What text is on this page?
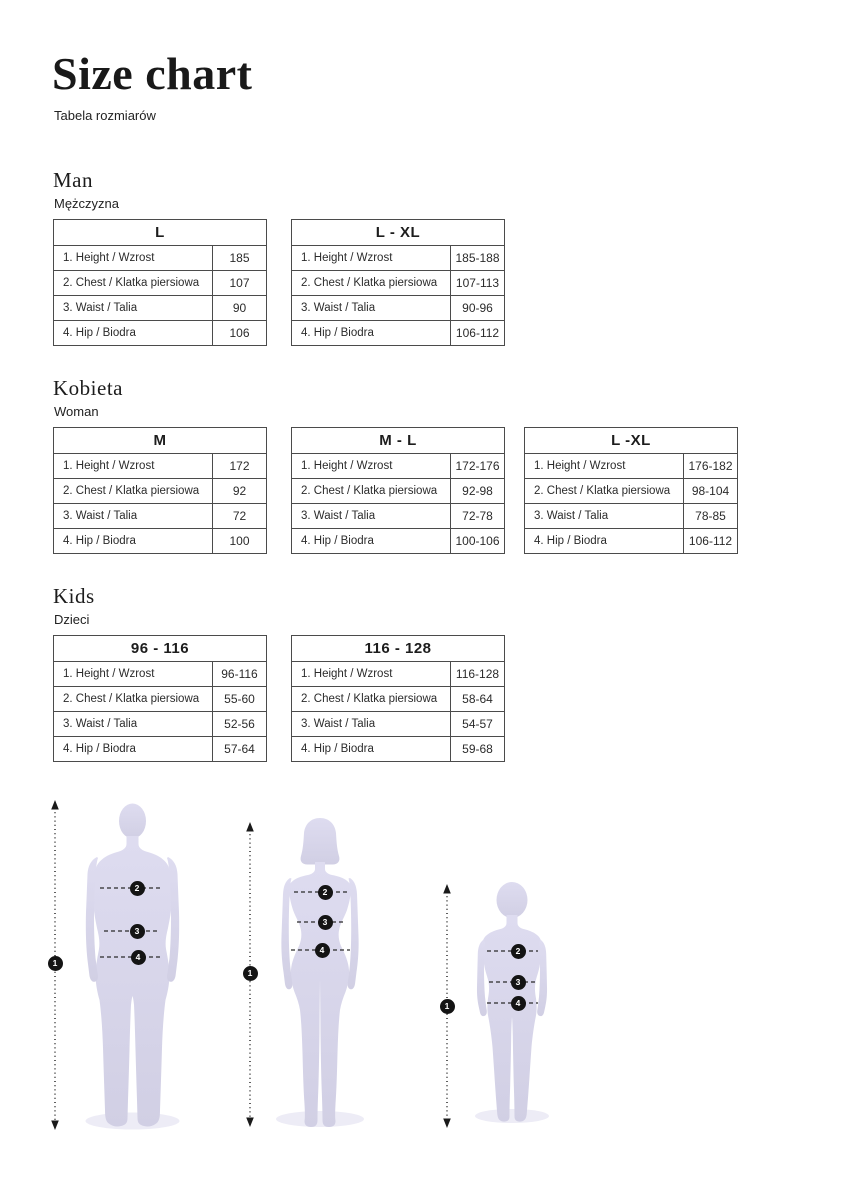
Size chart
Tabela rozmiarów
Man
Mężczyzna
Kobieta
Woman
Kids
Dzieci
L
1. Height / Wzrost	185
2. Chest / Klatka piersiowa	107
3. Waist / Talia	90
4. Hip / Biodra	106
L - XL
1. Height / Wzrost	185-188
2. Chest / Klatka piersiowa	107-113
3. Waist / Talia	90-96
4. Hip / Biodra	106-112
M
1. Height / Wzrost	172
2. Chest / Klatka piersiowa	92
3. Waist / Talia	72
4. Hip / Biodra	100
M - L
1. Height / Wzrost	172-176
2. Chest / Klatka piersiowa	92-98
3. Waist / Talia	72-78
4. Hip / Biodra	100-106
L -XL
1. Height / Wzrost	176-182
2. Chest / Klatka piersiowa	98-104
3. Waist / Talia	78-85
4. Hip / Biodra	106-112
96 - 116
1. Height / Wzrost	96-116
2. Chest / Klatka piersiowa	55-60
3. Waist / Talia	52-56
4. Hip / Biodra	57-64
116 - 128
1. Height / Wzrost	116-128
2. Chest / Klatka piersiowa	58-64
3. Waist / Talia	54-57
4. Hip / Biodra	59-68
1
2
3
4
1
2
3
4
1
2
3
4
